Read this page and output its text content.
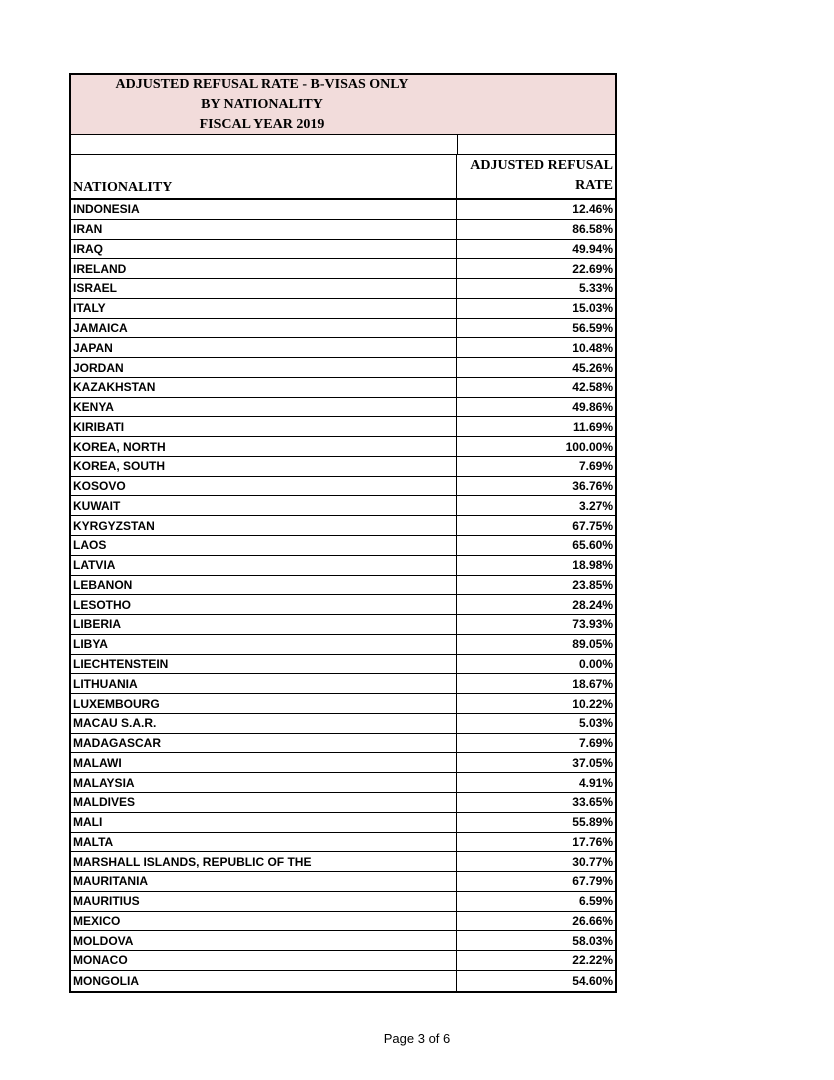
ADJUSTED REFUSAL RATE - B-VISAS ONLY
BY NATIONALITY
FISCAL YEAR 2019
NATIONALITY
ADJUSTED REFUSAL
RATE
INDONESIA	12.46%
IRAN	86.58%
IRAQ	49.94%
IRELAND	22.69%
ISRAEL	5.33%
ITALY	15.03%
JAMAICA	56.59%
JAPAN	10.48%
JORDAN	45.26%
KAZAKHSTAN	42.58%
KENYA	49.86%
KIRIBATI	11.69%
KOREA, NORTH	100.00%
KOREA, SOUTH	7.69%
KOSOVO	36.76%
KUWAIT	3.27%
KYRGYZSTAN	67.75%
LAOS	65.60%
LATVIA	18.98%
LEBANON	23.85%
LESOTHO	28.24%
LIBERIA	73.93%
LIBYA	89.05%
LIECHTENSTEIN	0.00%
LITHUANIA	18.67%
LUXEMBOURG	10.22%
MACAU S.A.R.	5.03%
MADAGASCAR	7.69%
MALAWI	37.05%
MALAYSIA	4.91%
MALDIVES	33.65%
MALI	55.89%
MALTA	17.76%
MARSHALL ISLANDS, REPUBLIC OF THE	30.77%
MAURITANIA	67.79%
MAURITIUS	6.59%
MEXICO	26.66%
MOLDOVA	58.03%
MONACO	22.22%
MONGOLIA	54.60%
Page 3 of 6
